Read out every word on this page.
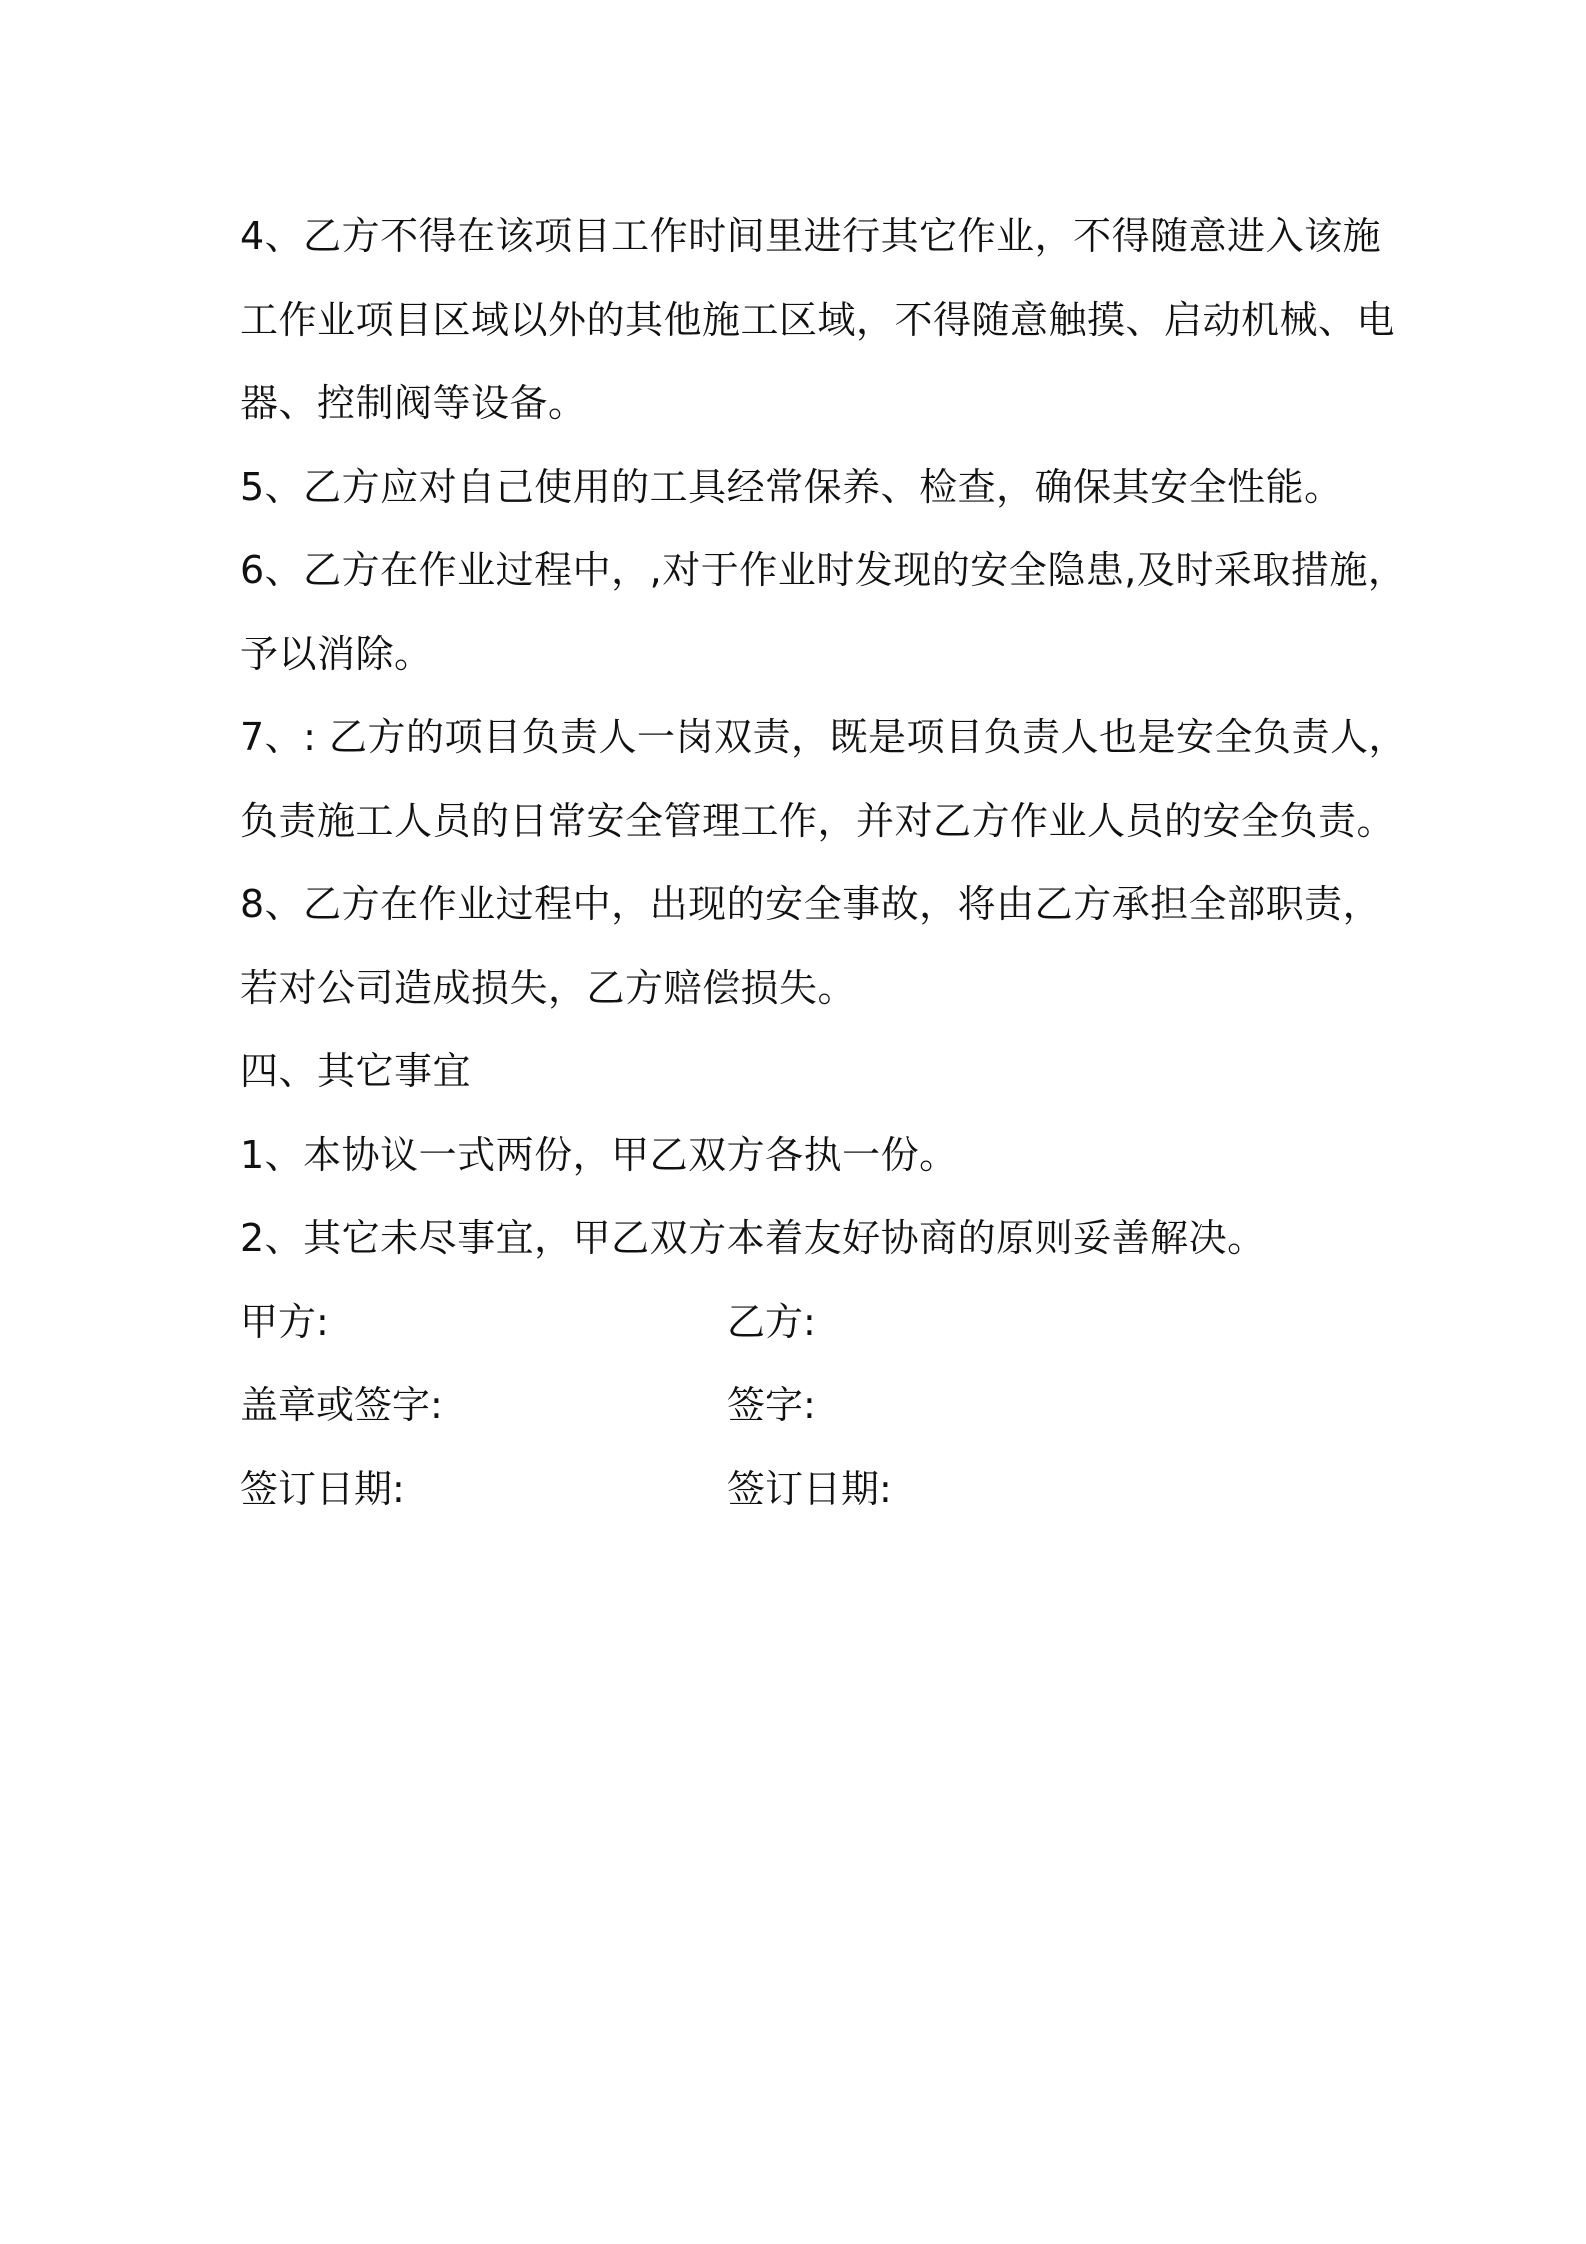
4、乙方不得在该项目工作时间里进行其它作业，不得随意进入该施
工作业项目区域以外的其他施工区域，不得随意触摸、启动机械、电
器、控制阀等设备。
5、乙方应对自己使用的工具经常保养、检查，确保其安全性能。
6、乙方在作业过程中，,对于作业时发现的安全隐患,及时采取措施，
予以消除。
7、: 乙方的项目负责人一岗双责，既是项目负责人也是安全负责人，
负责施工人员的日常安全管理工作，并对乙方作业人员的安全负责。
8、乙方在作业过程中，出现的安全事故，将由乙方承担全部职责，
若对公司造成损失，乙方赔偿损失。
四、其它事宜
1、本协议一式两份，甲乙双方各执一份。
2、其它未尽事宜，甲乙双方本着友好协商的原则妥善解决。
甲方:	乙方:
盖章或签字:	签字:
签订日期:	签订日期:
